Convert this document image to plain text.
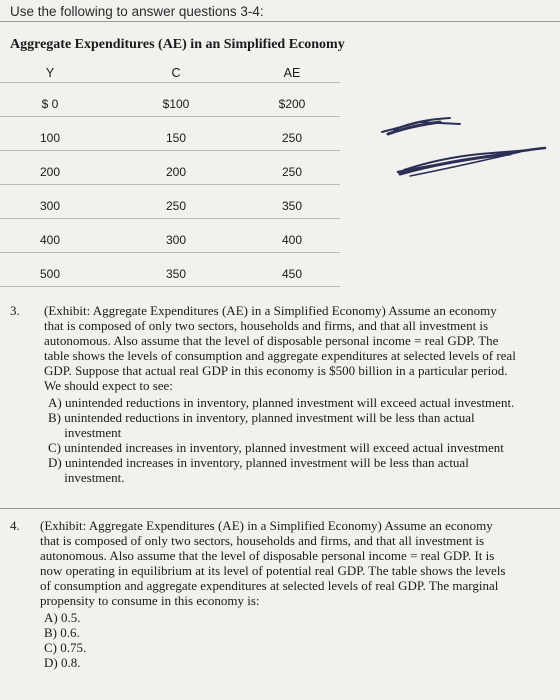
Use the following to answer questions 3-4:
Aggregate Expenditures (AE) in an Simplified Economy
Y	C	AE
$ 0	$100	$200
100	150	250
200	200	250
300	250	350
400	300	400
500	350	450
3. (Exhibit: Aggregate Expenditures (AE) in a Simplified Economy) Assume an economy
that is composed of only two sectors, households and firms, and that all investment is
autonomous. Also assume that the level of disposable personal income = real GDP. The
table shows the levels of consumption and aggregate expenditures at selected levels of real
GDP. Suppose that actual real GDP in this economy is $500 billion in a particular period.
We should expect to see:
A) unintended reductions in inventory, planned investment will exceed actual investment.
B) unintended reductions in inventory, planned investment will be less than actual
investment
C) unintended increases in inventory, planned investment will exceed actual investment
D) unintended increases in inventory, planned investment will be less than actual
investment.
4. (Exhibit: Aggregate Expenditures (AE) in a Simplified Economy) Assume an economy
that is composed of only two sectors, households and firms, and that all investment is
autonomous. Also assume that the level of disposable personal income = real GDP. It is
now operating in equilibrium at its level of potential real GDP. The table shows the levels
of consumption and aggregate expenditures at selected levels of real GDP. The marginal
propensity to consume in this economy is:
A) 0.5.
B) 0.6.
C) 0.75.
D) 0.8.
